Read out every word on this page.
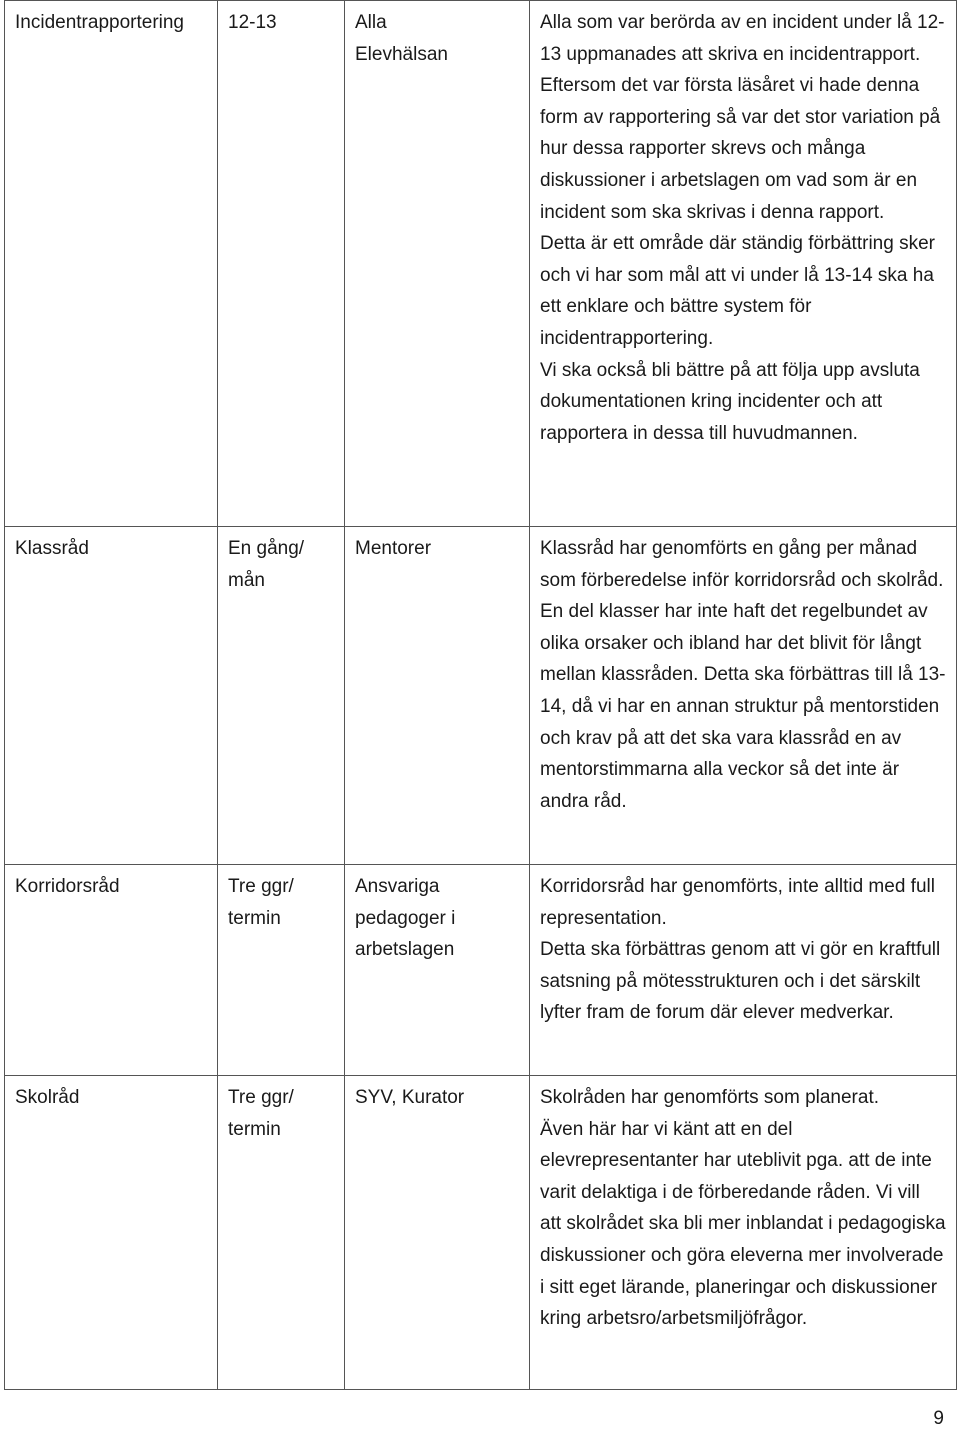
Incidentrapportering	12-13	Alla
Elevhälsan	Alla som var berörda av en incident under lå 12-13 uppmanades att skriva en incidentrapport. Eftersom det var första läsåret vi hade denna form av rapportering så var det stor variation på hur dessa rapporter skrevs och många diskussioner i arbetslagen om vad som är en incident som ska skrivas i denna rapport.
Detta är ett område där ständig förbättring sker och vi har som mål att vi under lå 13-14 ska ha ett enklare och bättre system för incidentrapportering.
Vi ska också bli bättre på att följa upp avsluta dokumentationen kring incidenter och att rapportera in dessa till huvudmannen.

Klassråd	En gång/ mån	Mentorer	Klassråd har genomförts en gång per månad som förberedelse inför korridorsråd och skolråd. En del klasser har inte haft det regelbundet av olika orsaker och ibland har det blivit för långt mellan klassråden. Detta ska förbättras till lå 13-14, då vi har en annan struktur på mentorstiden och krav på att det ska vara klassråd en av mentorstimmarna alla veckor så det inte är andra råd.

Korridorsråd	Tre ggr/ termin	Ansvariga pedagoger i arbetslagen	Korridorsråd har genomförts, inte alltid med full representation.
Detta ska förbättras genom att vi gör en kraftfull satsning på mötesstrukturen och i det särskilt lyfter fram de forum där elever medverkar.

Skolråd	Tre ggr/ termin	SYV, Kurator	Skolråden har genomförts som planerat.
Även här har vi känt att en del elevrepresentanter har uteblivit pga. att de inte varit delaktiga i de förberedande råden. Vi vill att skolrådet ska bli mer inblandat i pedagogiska diskussioner och göra eleverna mer involverade i sitt eget lärande, planeringar och diskussioner kring arbetsro/arbetsmiljöfrågor.
9
